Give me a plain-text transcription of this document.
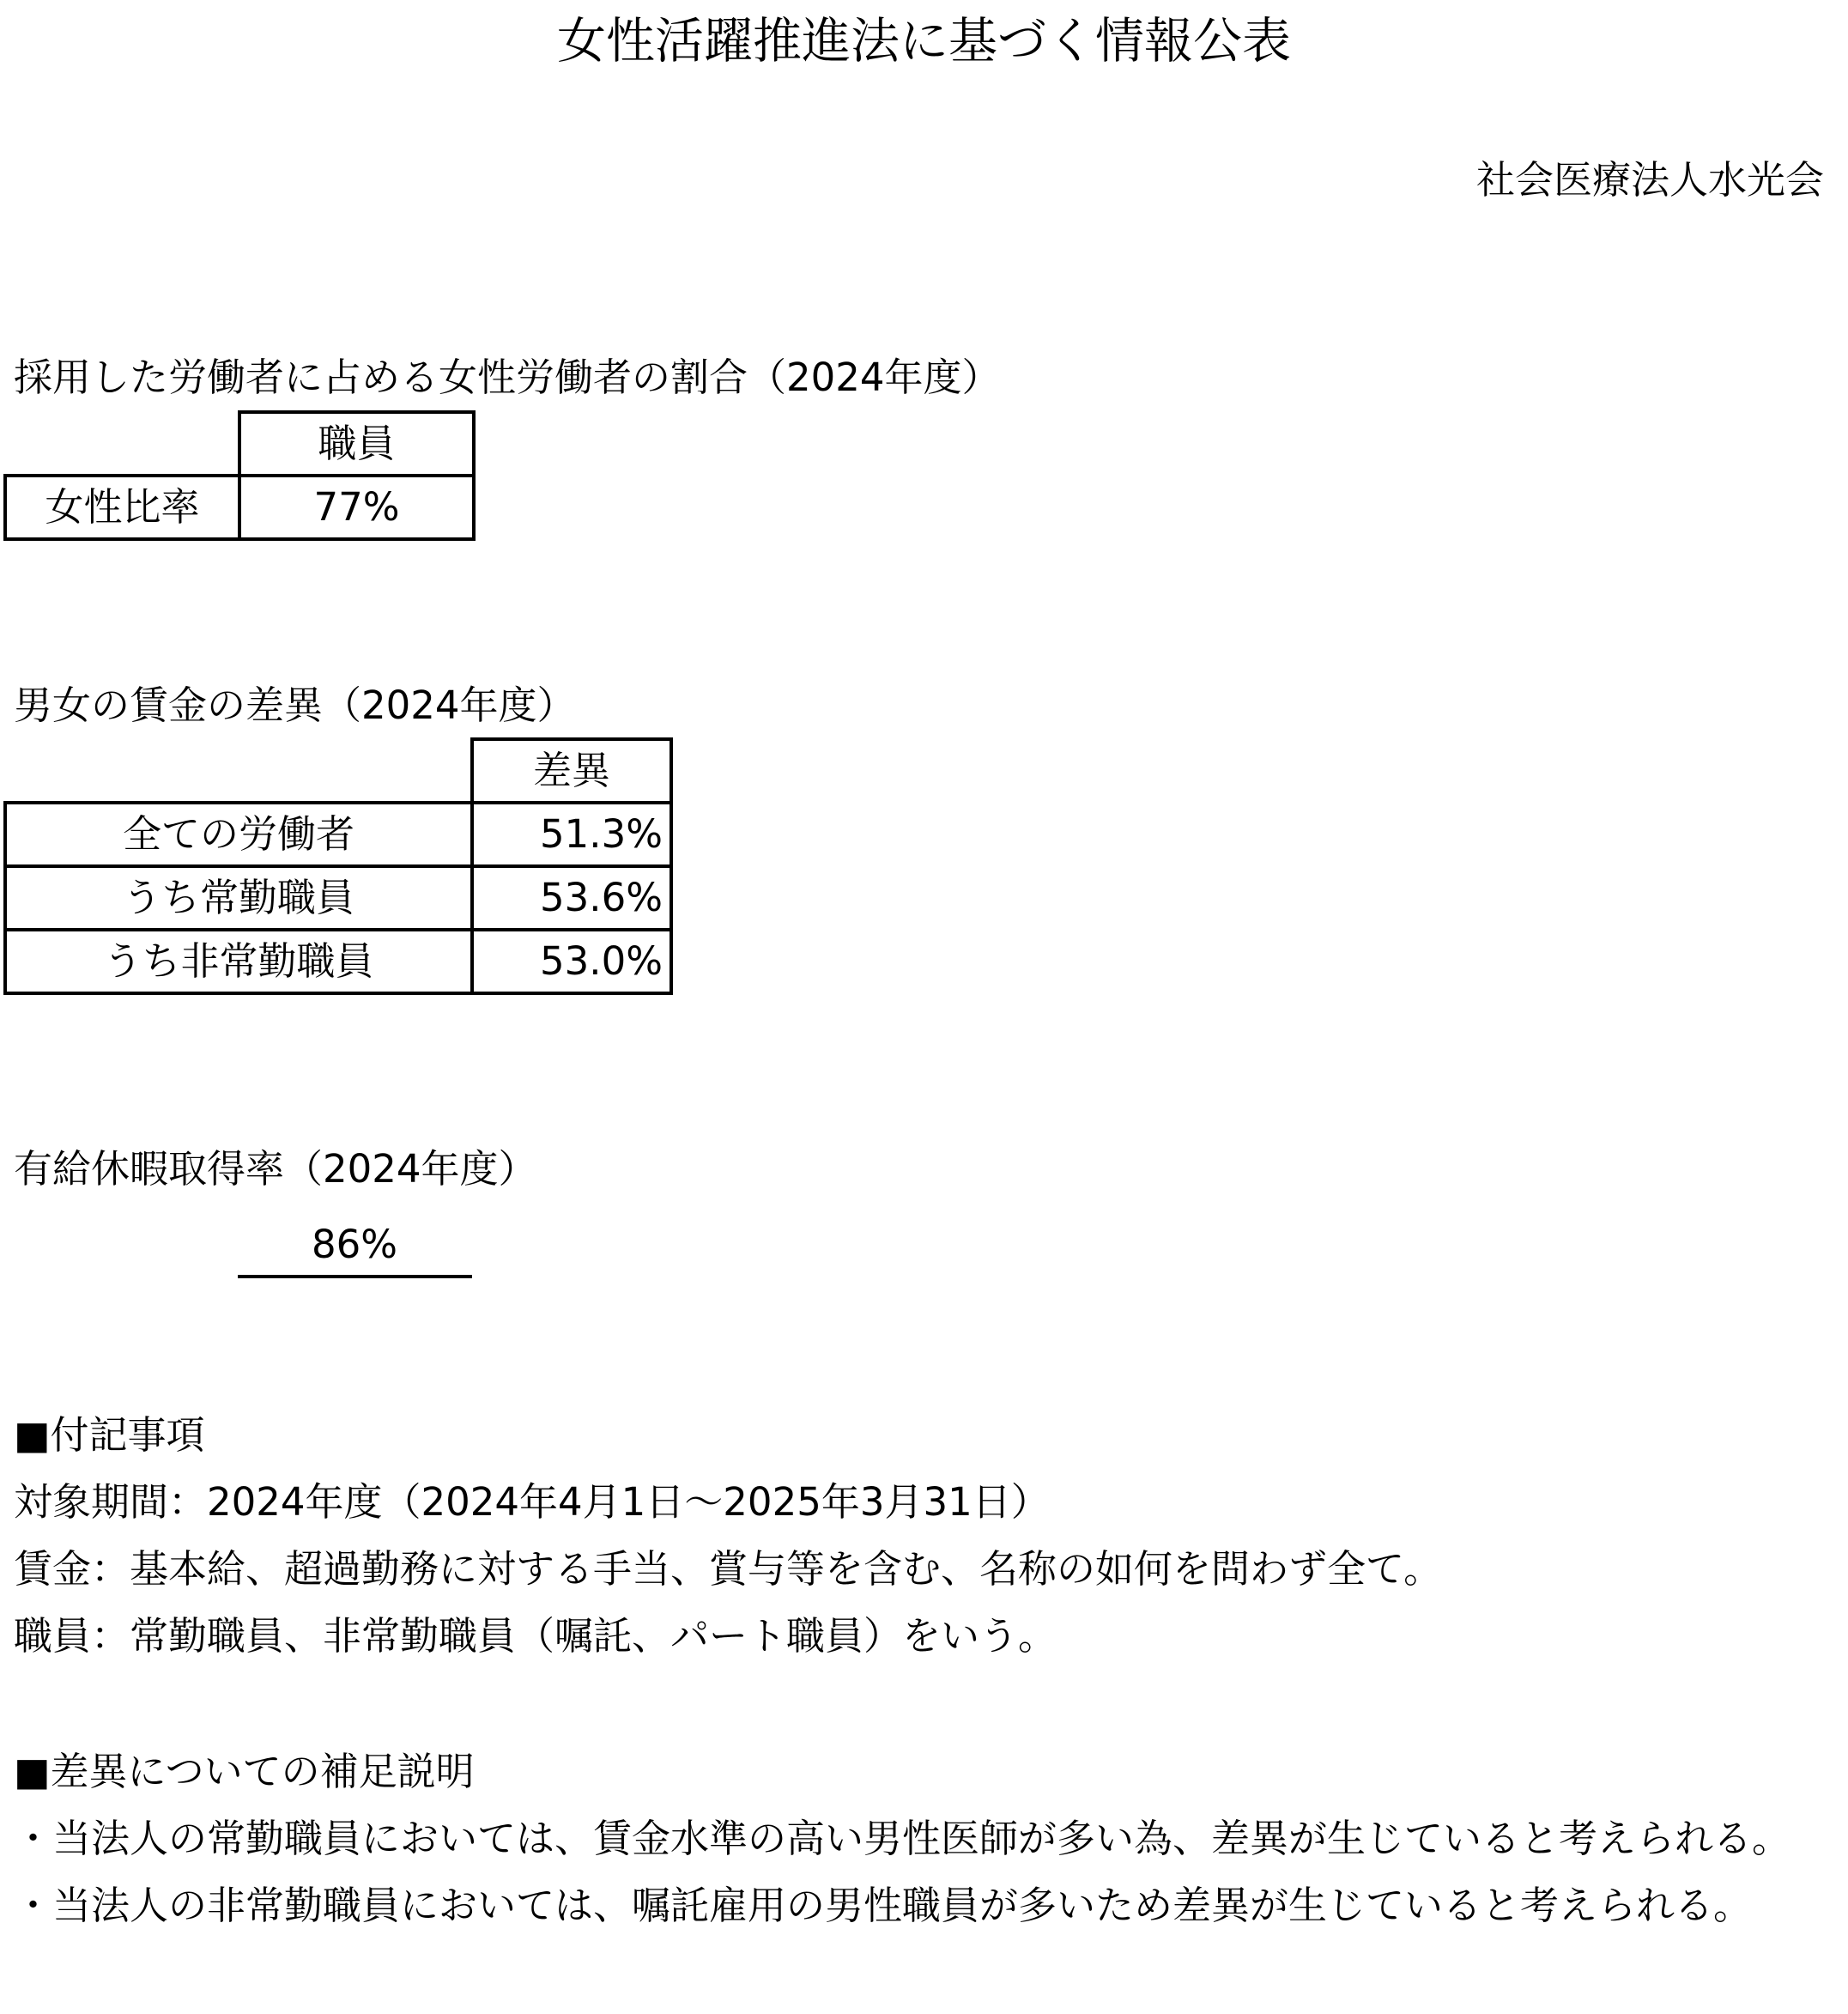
女性活躍推進法に基づく情報公表
社会医療法人水光会
採用した労働者に占める女性労働者の割合（2024年度）
	職員
女性比率	77%
男女の賃金の差異（2024年度）
	差異
全ての労働者	51.3%
うち常勤職員	53.6%
うち非常勤職員	53.0%
有給休暇取得率（2024年度）
86%
■付記事項
対象期間：2024年度（2024年4月1日～2025年3月31日）
賃金：基本給、超過勤務に対する手当、賞与等を含む、名称の如何を問わず全て。
職員：常勤職員、非常勤職員（嘱託、パート職員）をいう。
■差異についての補足説明
・当法人の常勤職員においては、賃金水準の高い男性医師が多い為、差異が生じていると考えられる。
・当法人の非常勤職員においては、嘱託雇用の男性職員が多いため差異が生じていると考えられる。
